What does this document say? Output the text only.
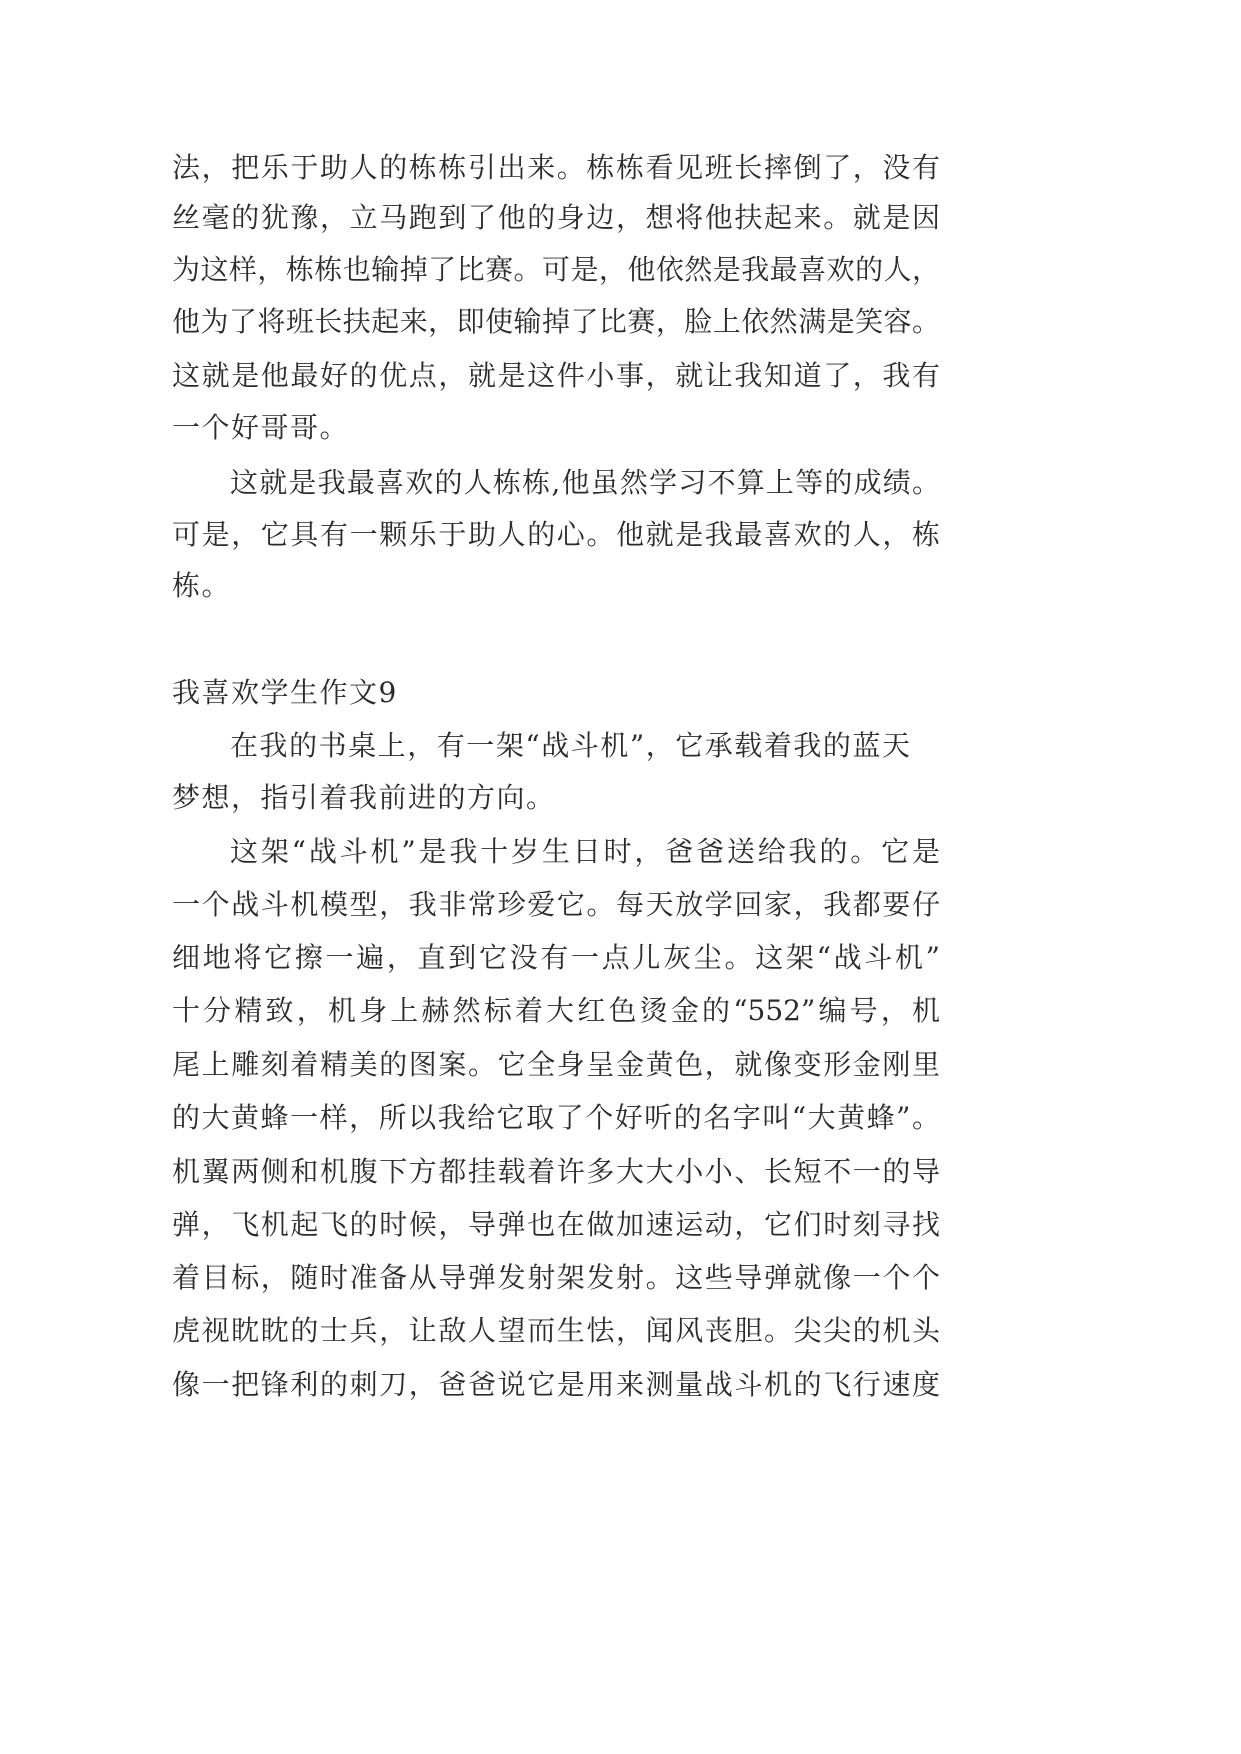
法，把乐于助人的栋栋引出来。栋栋看见班长摔倒了，没有
丝毫的犹豫，立马跑到了他的身边，想将他扶起来。就是因
为这样，栋栋也输掉了比赛。可是，他依然是我最喜欢的人，
他为了将班长扶起来，即使输掉了比赛，脸上依然满是笑容。
这就是他最好的优点，就是这件小事，就让我知道了，我有
一个好哥哥。
这就是我最喜欢的人栋栋,他虽然学习不算上等的成绩。
可是，它具有一颗乐于助人的心。他就是我最喜欢的人，栋
栋。
我喜欢学生作文9
在我的书桌上，有一架“战斗机”，它承载着我的蓝天
梦想，指引着我前进的方向。
这架“战斗机”是我十岁生日时，爸爸送给我的。它是
一个战斗机模型，我非常珍爱它。每天放学回家，我都要仔
细地将它擦一遍，直到它没有一点儿灰尘。这架“战斗机”
十分精致，机身上赫然标着大红色烫金的“552”编号，机
尾上雕刻着精美的图案。它全身呈金黄色，就像变形金刚里
的大黄蜂一样，所以我给它取了个好听的名字叫“大黄蜂”。
机翼两侧和机腹下方都挂载着许多大大小小、长短不一的导
弹，飞机起飞的时候，导弹也在做加速运动，它们时刻寻找
着目标，随时准备从导弹发射架发射。这些导弹就像一个个
虎视眈眈的士兵，让敌人望而生怯，闻风丧胆。尖尖的机头
像一把锋利的刺刀，爸爸说它是用来测量战斗机的飞行速度
